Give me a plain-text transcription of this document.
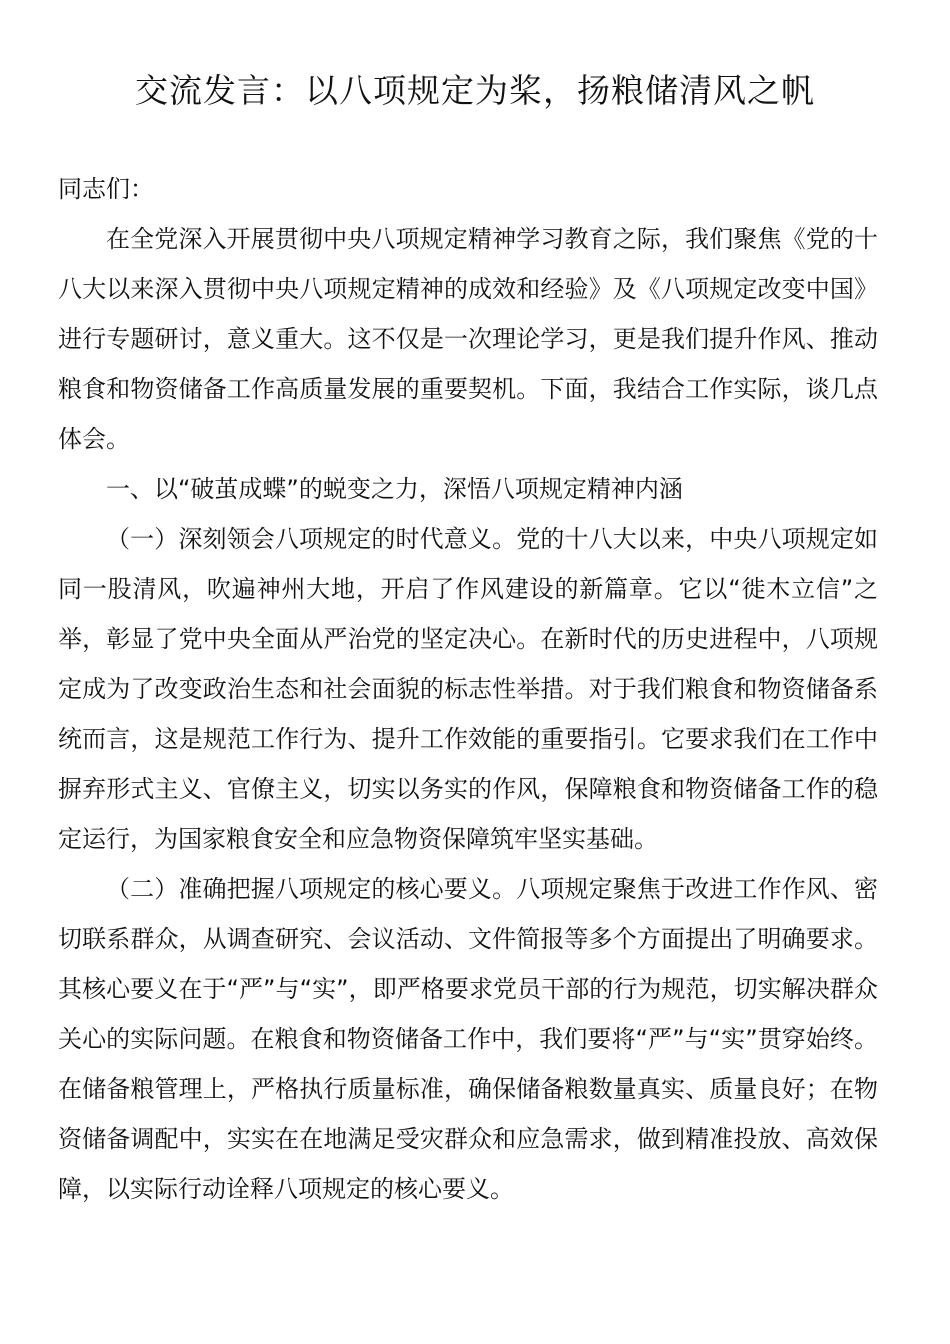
交流发言：以八项规定为桨，扬粮储清风之帆

同志们：

在全党深入开展贯彻中央八项规定精神学习教育之际，我们聚焦《党的十八大以来深入贯彻中央八项规定精神的成效和经验》及《八项规定改变中国》进行专题研讨，意义重大。这不仅是一次理论学习，更是我们提升作风、推动粮食和物资储备工作高质量发展的重要契机。下面，我结合工作实际，谈几点体会。

一、以“破茧成蝶”的蜕变之力，深悟八项规定精神内涵

（一）深刻领会八项规定的时代意义。党的十八大以来，中央八项规定如同一股清风，吹遍神州大地，开启了作风建设的新篇章。它以“徙木立信”之举，彰显了党中央全面从严治党的坚定决心。在新时代的历史进程中，八项规定成为了改变政治生态和社会面貌的标志性举措。对于我们粮食和物资储备系统而言，这是规范工作行为、提升工作效能的重要指引。它要求我们在工作中摒弃形式主义、官僚主义，切实以务实的作风，保障粮食和物资储备工作的稳定运行，为国家粮食安全和应急物资保障筑牢坚实基础。

（二）准确把握八项规定的核心要义。八项规定聚焦于改进工作作风、密切联系群众，从调查研究、会议活动、文件简报等多个方面提出了明确要求。其核心要义在于“严”与“实”，即严格要求党员干部的行为规范，切实解决群众关心的实际问题。在粮食和物资储备工作中，我们要将“严”与“实”贯穿始终。在储备粮管理上，严格执行质量标准，确保储备粮数量真实、质量良好；在物资储备调配中，实实在在地满足受灾群众和应急需求，做到精准投放、高效保障，以实际行动诠释八项规定的核心要义。
